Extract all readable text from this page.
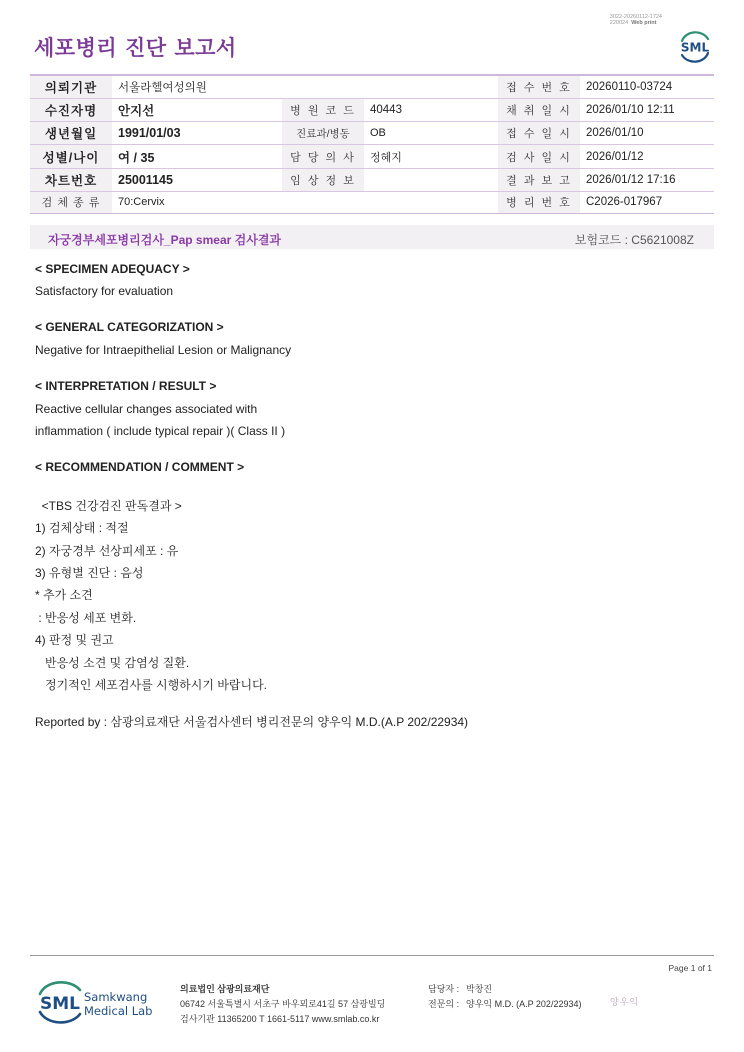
세포병리 진단 보고서
3022-20260112-1724
220024 Web print
SML
의뢰기관	서울라헬여성의원			접 수 번 호	20260110-03724
수진자명	안지선	병 원 코 드	40443	채 취 일 시	2026/01/10 12:11
생년월일	1991/01/03	진료과/병동	OB	접 수 일 시	2026/01/10
성별/나이	여 / 35	담 당 의 사	정혜지	검 사 일 시	2026/01/12
차트번호	25001145	임 상 정 보		결 과 보 고	2026/01/12 17:16
검 체 종 류	70:Cervix			병 리 번 호	C2026-017967
자궁경부세포병리검사_Pap smear 검사결과	보험코드 : C5621008Z
< SPECIMEN ADEQUACY >
Satisfactory for evaluation
< GENERAL CATEGORIZATION >
Negative for Intraepithelial Lesion or Malignancy
< INTERPRETATION / RESULT >
Reactive cellular changes associated with
inflammation ( include typical repair )( Class II )
< RECOMMENDATION / COMMENT >
<TBS 건강검진 판독결과 >
1) 검체상태 : 적절
2) 자궁경부 선상피세포 : 유
3) 유형별 진단 : 음성
* 추가 소견
: 반응성 세포 변화.
4) 판정 및 권고
반응성 소견 및 감염성 질환.
정기적인 세포검사를 시행하시기 바랍니다.
Reported by : 삼광의료재단 서울검사센터 병리전문의 양우익 M.D.(A.P 202/22934)
Page 1 of 1
SML Samkwang
Medical Lab
의료법인 삼광의료재단
06742 서울특별시 서초구 바우뫼로41길 57 삼광빌딩
검사기관 11365200 T 1661-5117 www.smlab.co.kr
담당자 : 박창진
전문의 : 양우익 M.D. (A.P 202/22934)	양우익
